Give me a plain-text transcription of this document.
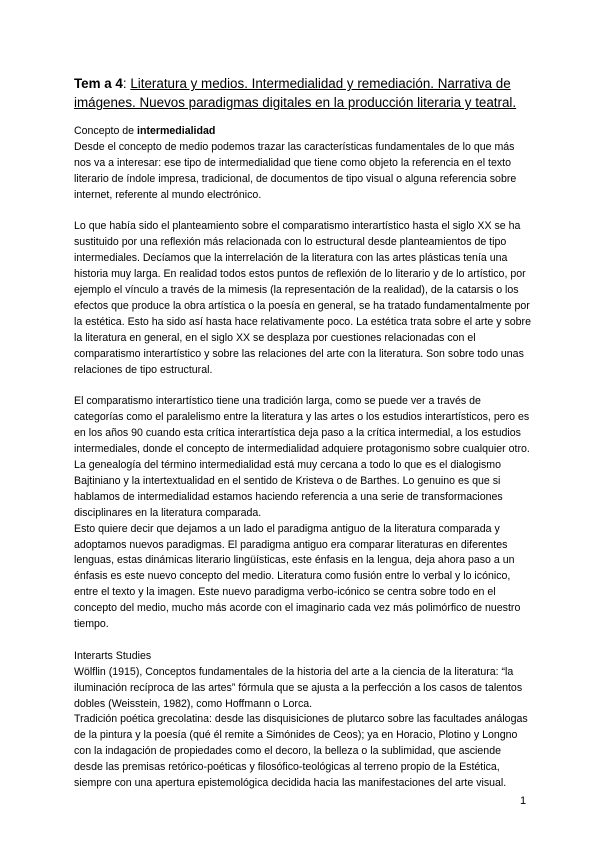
Tem a 4: Literatura y medios. Intermedialidad y remediación. Narrativa de imágenes. Nuevos paradigmas digitales en la producción literaria y teatral.

Concepto de intermedialidad

Desde el concepto de medio podemos trazar las características fundamentales de lo que más nos va a interesar: ese tipo de intermedialidad que tiene como objeto la referencia en el texto literario de índole impresa, tradicional, de documentos de tipo visual o alguna referencia sobre internet, referente al mundo electrónico.

Lo que había sido el planteamiento sobre el comparatismo interartístico hasta el siglo XX se ha sustituido por una reflexión más relacionada con lo estructural desde planteamientos de tipo intermediales. Decíamos que la interrelación de la literatura con las artes plásticas tenía una historia muy larga. En realidad todos estos puntos de reflexión de lo literario y de lo artístico, por ejemplo el vínculo a través de la mimesis (la representación de la realidad), de la catarsis o los efectos que produce la obra artística o la poesía en general, se ha tratado fundamentalmente por la estética. Esto ha sido así hasta hace relativamente poco. La estética trata sobre el arte y sobre la literatura en general, en el siglo XX se desplaza por cuestiones relacionadas con el comparatismo interartístico y sobre las relaciones del arte con la literatura. Son sobre todo unas relaciones de tipo estructural.

El comparatismo interartístico tiene una tradición larga, como se puede ver a través de categorías como el paralelismo entre la literatura y las artes o los estudios interartísticos, pero es en los años 90 cuando esta crítica interartística deja paso a la crítica intermedial, a los estudios intermediales, donde el concepto de intermedialidad adquiere protagonismo sobre cualquier otro. La genealogía del término intermedialidad está muy cercana a todo lo que es el dialogismo Bajtiniano y la intertextualidad en el sentido de Kristeva o de Barthes. Lo genuino es que si hablamos de intermedialidad estamos haciendo referencia a una serie de transformaciones disciplinares en la literatura comparada.

Esto quiere decir que dejamos a un lado el paradigma antiguo de la literatura comparada y adoptamos nuevos paradigmas. El paradigma antiguo era comparar literaturas en diferentes lenguas, estas dinámicas literario lingüísticas, este énfasis en la lengua, deja ahora paso a un énfasis es este nuevo concepto del medio. Literatura como fusión entre lo verbal y lo icónico, entre el texto y la imagen. Este nuevo paradigma verbo-icónico se centra sobre todo en el concepto del medio, mucho más acorde con el imaginario cada vez más polimórfico de nuestro tiempo.

Interarts Studies

Wölflin (1915), Conceptos fundamentales de la historia del arte a la ciencia de la literatura: “la iluminación recíproca de las artes” fórmula que se ajusta a la perfección a los casos de talentos dobles (Weisstein, 1982), como Hoffmann o Lorca.

Tradición poética grecolatina: desde las disquisiciones de plutarco sobre las facultades análogas de la pintura y la poesía (qué él remite a Simónides de Ceos); ya en Horacio, Plotino y Longno con la indagación de propiedades como el decoro, la belleza o la sublimidad, que asciende desde las premisas retórico-poéticas y filosófico-teológicas al terreno propio de la Estética, siempre con una apertura epistemológica decidida hacia las manifestaciones del arte visual.

1
